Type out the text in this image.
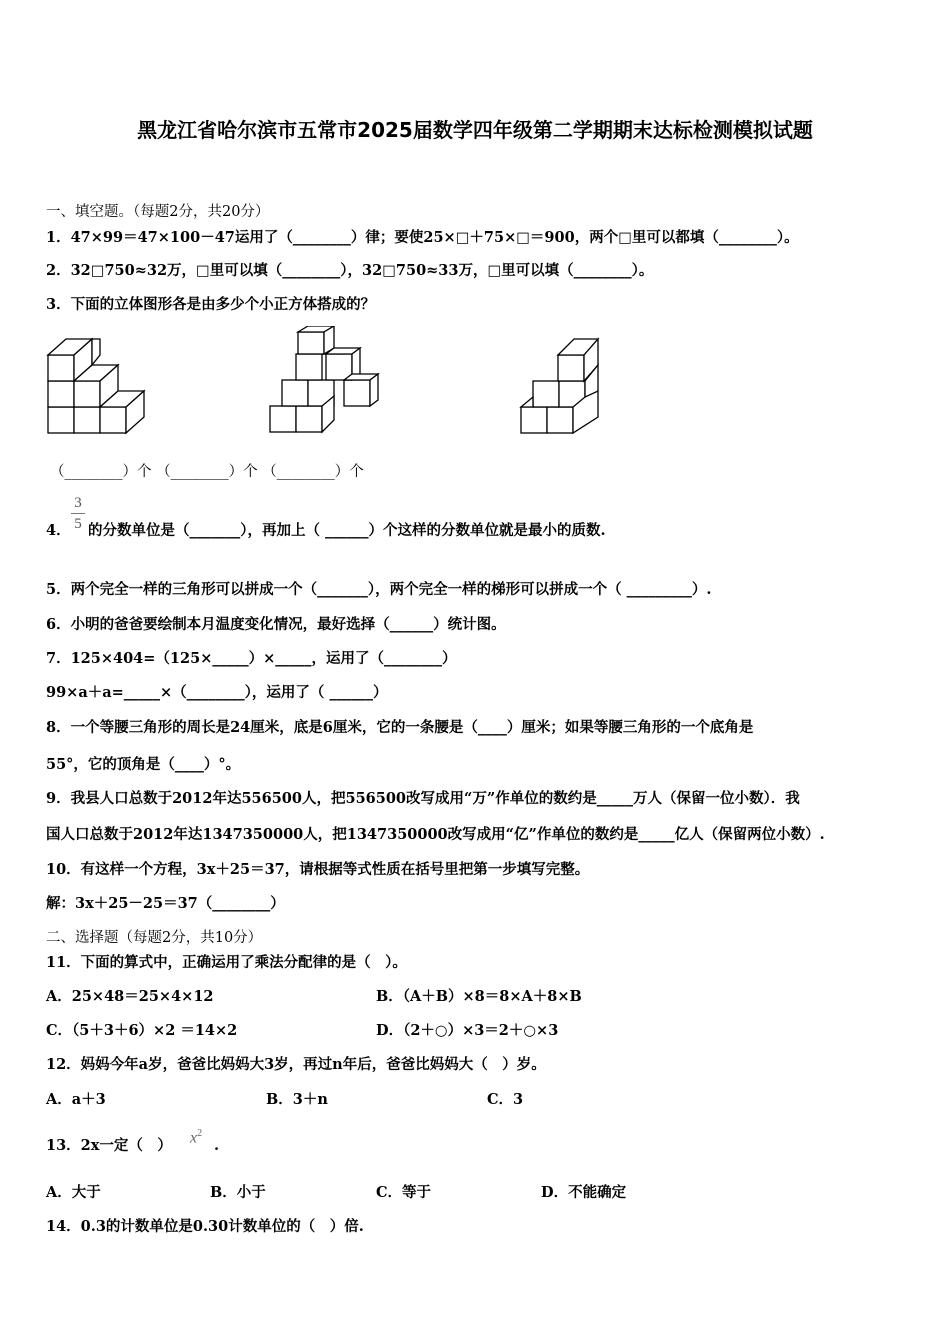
黑龙江省哈尔滨市五常市2025届数学四年级第二学期期末达标检测模拟试题
一、填空题。（每题2分，共20分）
1．47×99＝47×100－47运用了（________）律；要使25×□＋75×□＝900，两个□里可以都填（________）。
2．32□750≈32万，□里可以填（________），32□750≈33万，□里可以填（________）。
3．下面的立体图形各是由多少个小正方体搭成的？
（________）个 （________）个 （________）个
3
5
4． 的分数单位是（_______），再加上（ ______）个这样的分数单位就是最小的质数.
5．两个完全一样的三角形可以拼成一个（_______），两个完全一样的梯形可以拼成一个（ _________）.
6．小明的爸爸要绘制本月温度变化情况，最好选择（______）统计图。
7．125×404=（125×_____）×_____，运用了（________）
99×a＋a=_____×（________），运用了（ ______）
8．一个等腰三角形的周长是24厘米，底是6厘米，它的一条腰是（____）厘米；如果等腰三角形的一个底角是
55°，它的顶角是（____）°。
9．我县人口总数于2012年达556500人，把556500改写成用“万”作单位的数约是_____万人（保留一位小数）．我
国人口总数于2012年达1347350000人，把1347350000改写成用“亿”作单位的数约是_____亿人（保留两位小数）.
10．有这样一个方程，3x＋25＝37，请根据等式性质在括号里把第一步填写完整。
解：3x＋25－25＝37（________）
二、选择题（每题2分，共10分）
11．下面的算式中，正确运用了乘法分配律的是（　）。
A．25×48＝25×4×12	B．（A＋B）×8＝8×A＋8×B
C．（5＋3＋6）×2 ＝14×2	D．（2＋○）×3＝2＋○×3
12．妈妈今年a岁，爸爸比妈妈大3岁，再过n年后，爸爸比妈妈大（　）岁。
A．a＋3	B．3＋n	C．3
13．2x一定（　） $x^2$
.
A．大于	B．小于	C．等于	D．不能确定
14．0.3的计数单位是0.30计数单位的（　）倍.
